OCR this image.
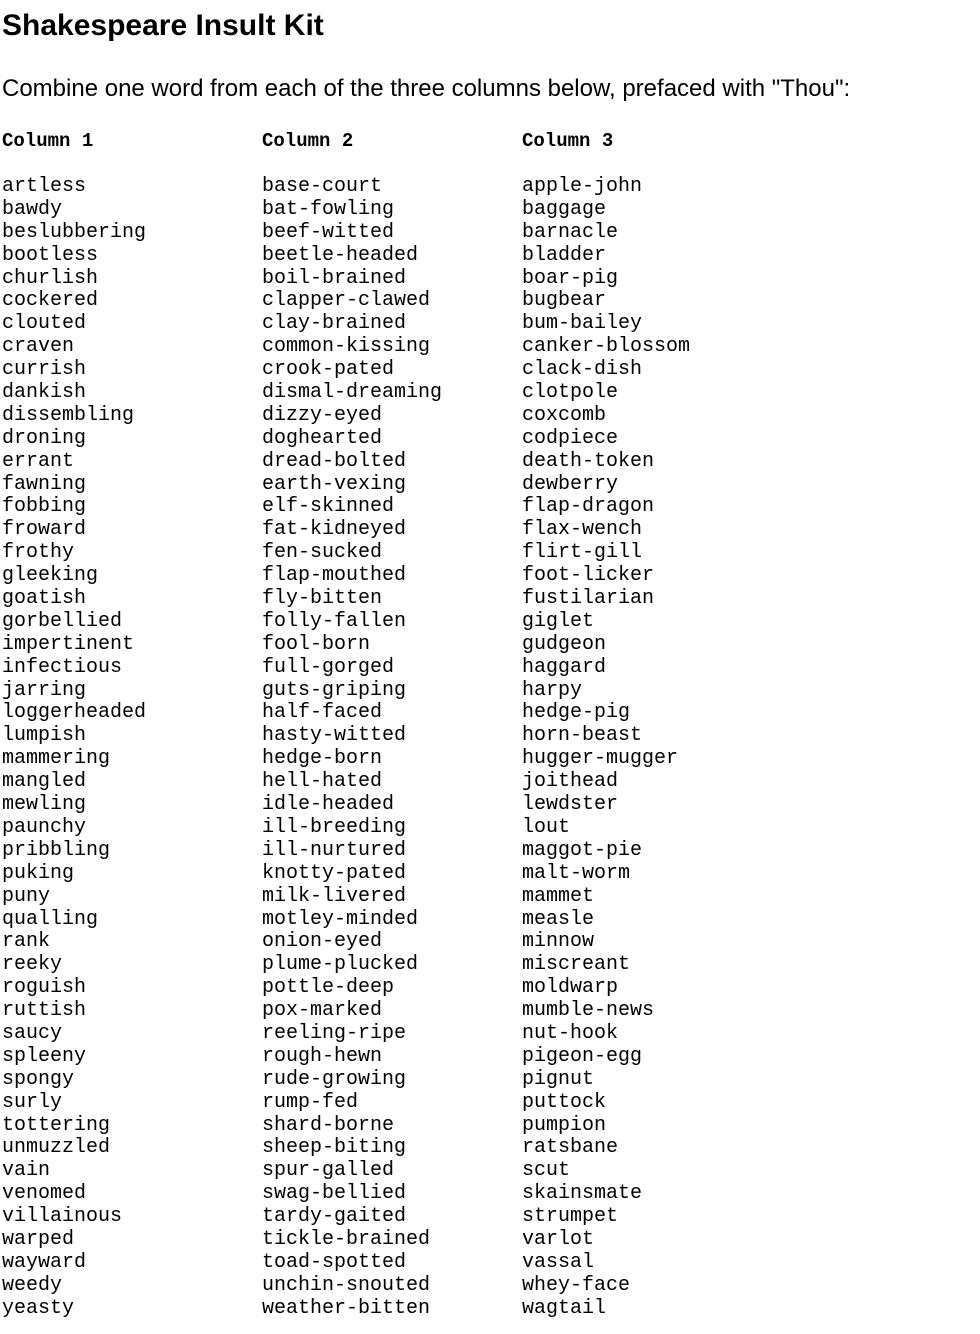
Shakespeare Insult Kit

Combine one word from each of the three columns below, prefaced with "Thou":

Column 1
artless
bawdy
beslubbering
bootless
churlish
cockered
clouted
craven
currish
dankish
dissembling
droning
errant
fawning
fobbing
froward
frothy
gleeking
goatish
gorbellied
impertinent
infectious
jarring
loggerheaded
lumpish
mammering
mangled
mewling
paunchy
pribbling
puking
puny
qualling
rank
reeky
roguish
ruttish
saucy
spleeny
spongy
surly
tottering
unmuzzled
vain
venomed
villainous
warped
wayward
weedy
yeasty
Column 2
base-court
bat-fowling
beef-witted
beetle-headed
boil-brained
clapper-clawed
clay-brained
common-kissing
crook-pated
dismal-dreaming
dizzy-eyed
doghearted
dread-bolted
earth-vexing
elf-skinned
fat-kidneyed
fen-sucked
flap-mouthed
fly-bitten
folly-fallen
fool-born
full-gorged
guts-griping
half-faced
hasty-witted
hedge-born
hell-hated
idle-headed
ill-breeding
ill-nurtured
knotty-pated
milk-livered
motley-minded
onion-eyed
plume-plucked
pottle-deep
pox-marked
reeling-ripe
rough-hewn
rude-growing
rump-fed
shard-borne
sheep-biting
spur-galled
swag-bellied
tardy-gaited
tickle-brained
toad-spotted
unchin-snouted
weather-bitten
Column 3
apple-john
baggage
barnacle
bladder
boar-pig
bugbear
bum-bailey
canker-blossom
clack-dish
clotpole
coxcomb
codpiece
death-token
dewberry
flap-dragon
flax-wench
flirt-gill
foot-licker
fustilarian
giglet
gudgeon
haggard
harpy
hedge-pig
horn-beast
hugger-mugger
joithead
lewdster
lout
maggot-pie
malt-worm
mammet
measle
minnow
miscreant
moldwarp
mumble-news
nut-hook
pigeon-egg
pignut
puttock
pumpion
ratsbane
scut
skainsmate
strumpet
varlot
vassal
whey-face
wagtail
